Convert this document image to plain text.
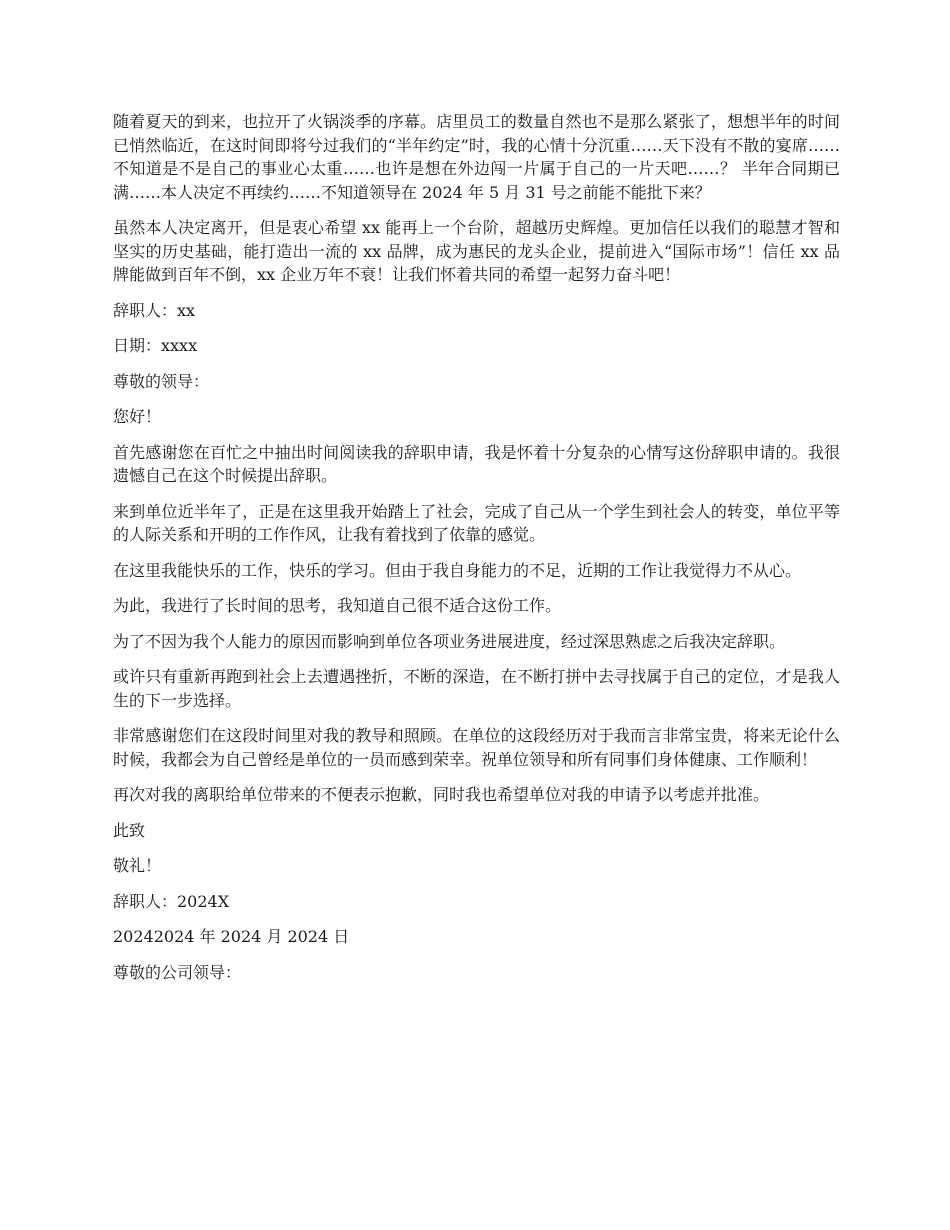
随着夏天的到来，也拉开了火锅淡季的序幕。店里员工的数量自然也不是那么紧张了，想想半年的时间已悄然临近，在这时间即将兮过我们的“半年约定”时，我的心情十分沉重……天下没有不散的宴席……不知道是不是自己的事业心太重……也许是想在外边闯一片属于自己的一片天吧……？ 半年合同期已满……本人决定不再续约……不知道领导在 2024 年 5 月 31 号之前能不能批下来？

虽然本人决定离开，但是衷心希望 xx 能再上一个台阶，超越历史辉煌。更加信任以我们的聪慧才智和坚实的历史基础，能打造出一流的 xx 品牌，成为惠民的龙头企业，提前进入“国际市场”！信任 xx 品牌能做到百年不倒，xx 企业万年不衰！让我们怀着共同的希望一起努力奋斗吧！

辞职人：xx

日期：xxxx

尊敬的领导：

您好！

首先感谢您在百忙之中抽出时间阅读我的辞职申请，我是怀着十分复杂的心情写这份辞职申请的。我很遗憾自己在这个时候提出辞职。

来到单位近半年了，正是在这里我开始踏上了社会，完成了自己从一个学生到社会人的转变，单位平等的人际关系和开明的工作作风，让我有着找到了依靠的感觉。

在这里我能快乐的工作，快乐的学习。但由于我自身能力的不足，近期的工作让我觉得力不从心。

为此，我进行了长时间的思考，我知道自己很不适合这份工作。

为了不因为我个人能力的原因而影响到单位各项业务进展进度，经过深思熟虑之后我决定辞职。

或许只有重新再跑到社会上去遭遇挫折，不断的深造，在不断打拼中去寻找属于自己的定位，才是我人生的下一步选择。

非常感谢您们在这段时间里对我的教导和照顾。在单位的这段经历对于我而言非常宝贵，将来无论什么时候，我都会为自己曾经是单位的一员而感到荣幸。祝单位领导和所有同事们身体健康、工作顺利！

再次对我的离职给单位带来的不便表示抱歉，同时我也希望单位对我的申请予以考虑并批准。

此致

敬礼！

辞职人：2024X

20242024 年 2024 月 2024 日

尊敬的公司领导：
